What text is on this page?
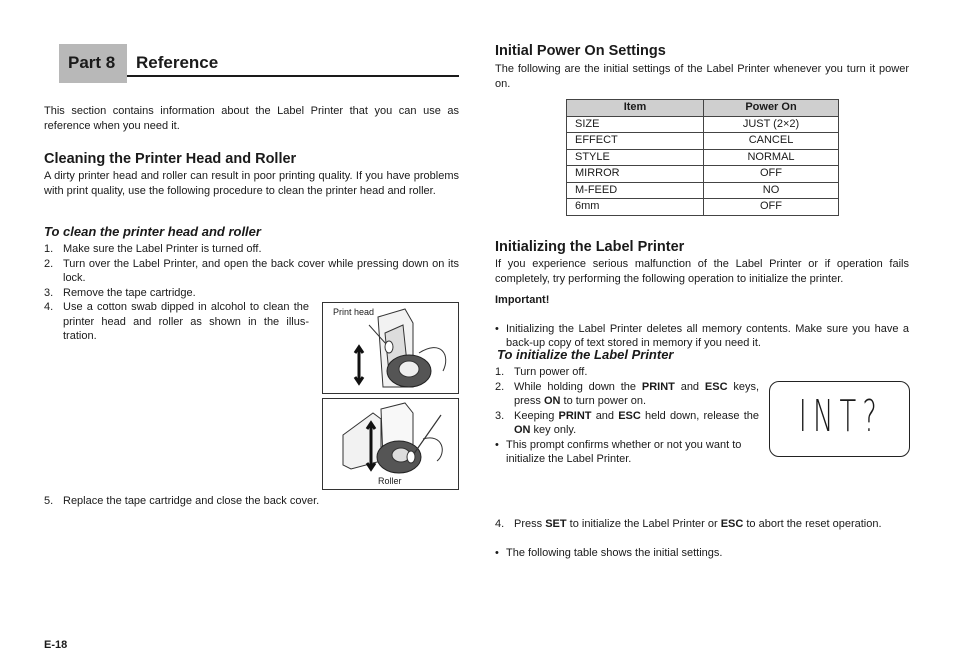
Part 8 Reference
This section contains information about the Label Printer that you can use as reference when you need it.
Cleaning the Printer Head and Roller
A dirty printer head and roller can result in poor printing quality. If you have problems with print quality, use the following procedure to clean the printer head and roller.
To clean the printer head and roller
1. Make sure the Label Printer is turned off.
2. Turn over the Label Printer, and open the back cover while pressing down on its lock.
3. Remove the tape cartridge.
4. Use a cotton swab dipped in alcohol to clean the printer head and roller as shown in the illus-tration.
Print head
Roller
5. Replace the tape cartridge and close the back cover.
Initial Power On Settings
The following are the initial settings of the Label Printer whenever you turn it power on.
Item	Power On
SIZE	JUST (2×2)
EFFECT	CANCEL
STYLE	NORMAL
MIRROR	OFF
M-FEED	NO
6mm	OFF
Initializing the Label Printer
If you experience serious malfunction of the Label Printer or if operation fails completely, try performing the following operation to initialize the printer.
Important!
• Initializing the Label Printer deletes all memory contents. Make sure you have a back-up copy of text stored in memory if you need it.
To initialize the Label Printer
1. Turn power off.
2. While holding down the PRINT and ESC keys, press ON to turn power on.
3. Keeping PRINT and ESC held down, release the ON key only.
• This prompt confirms whether or not you want to initialize the Label Printer.
INT?
4. Press SET to initialize the Label Printer or ESC to abort the reset operation.
• The following table shows the initial settings.
E-18
